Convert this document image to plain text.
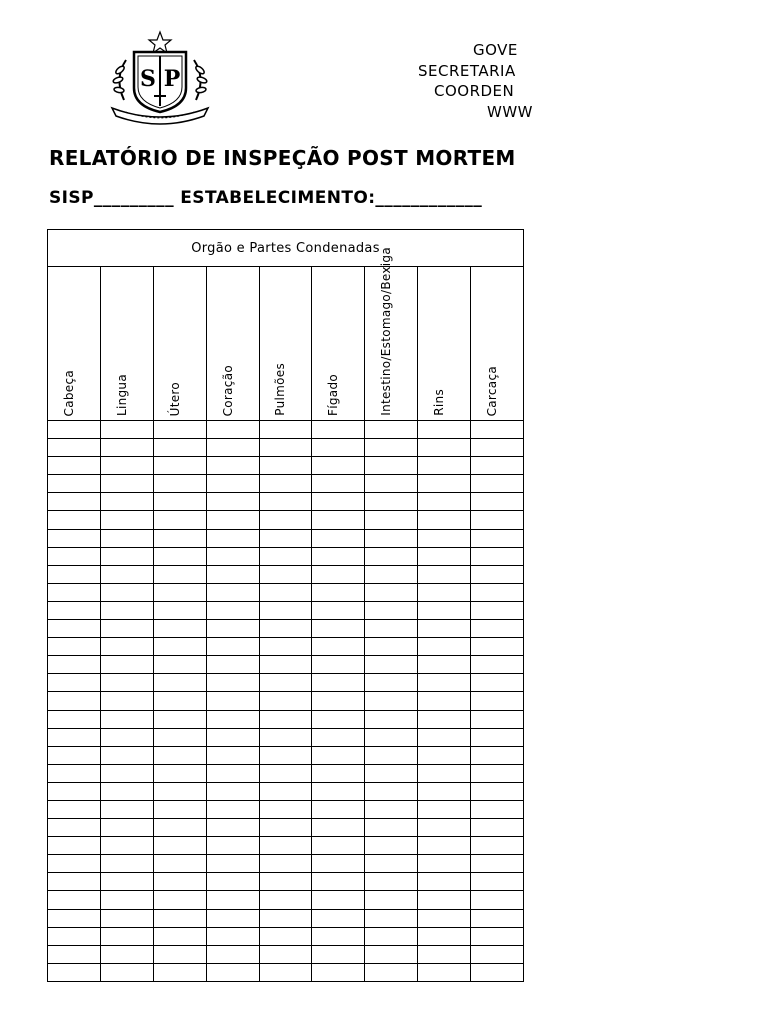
S P
GOVE
SECRETARIA
COORDEN
WWW
RELATÓRIO DE INSPEÇÃO POST MORTEM
SISP_________ ESTABELECIMENTO:____________
Orgão e Partes Condenadas								

Cabeça	Lingua	Útero	Coração	Pulmões	Fígado	Intestino/Estomago/Bexiga	Rins	Carcaça
